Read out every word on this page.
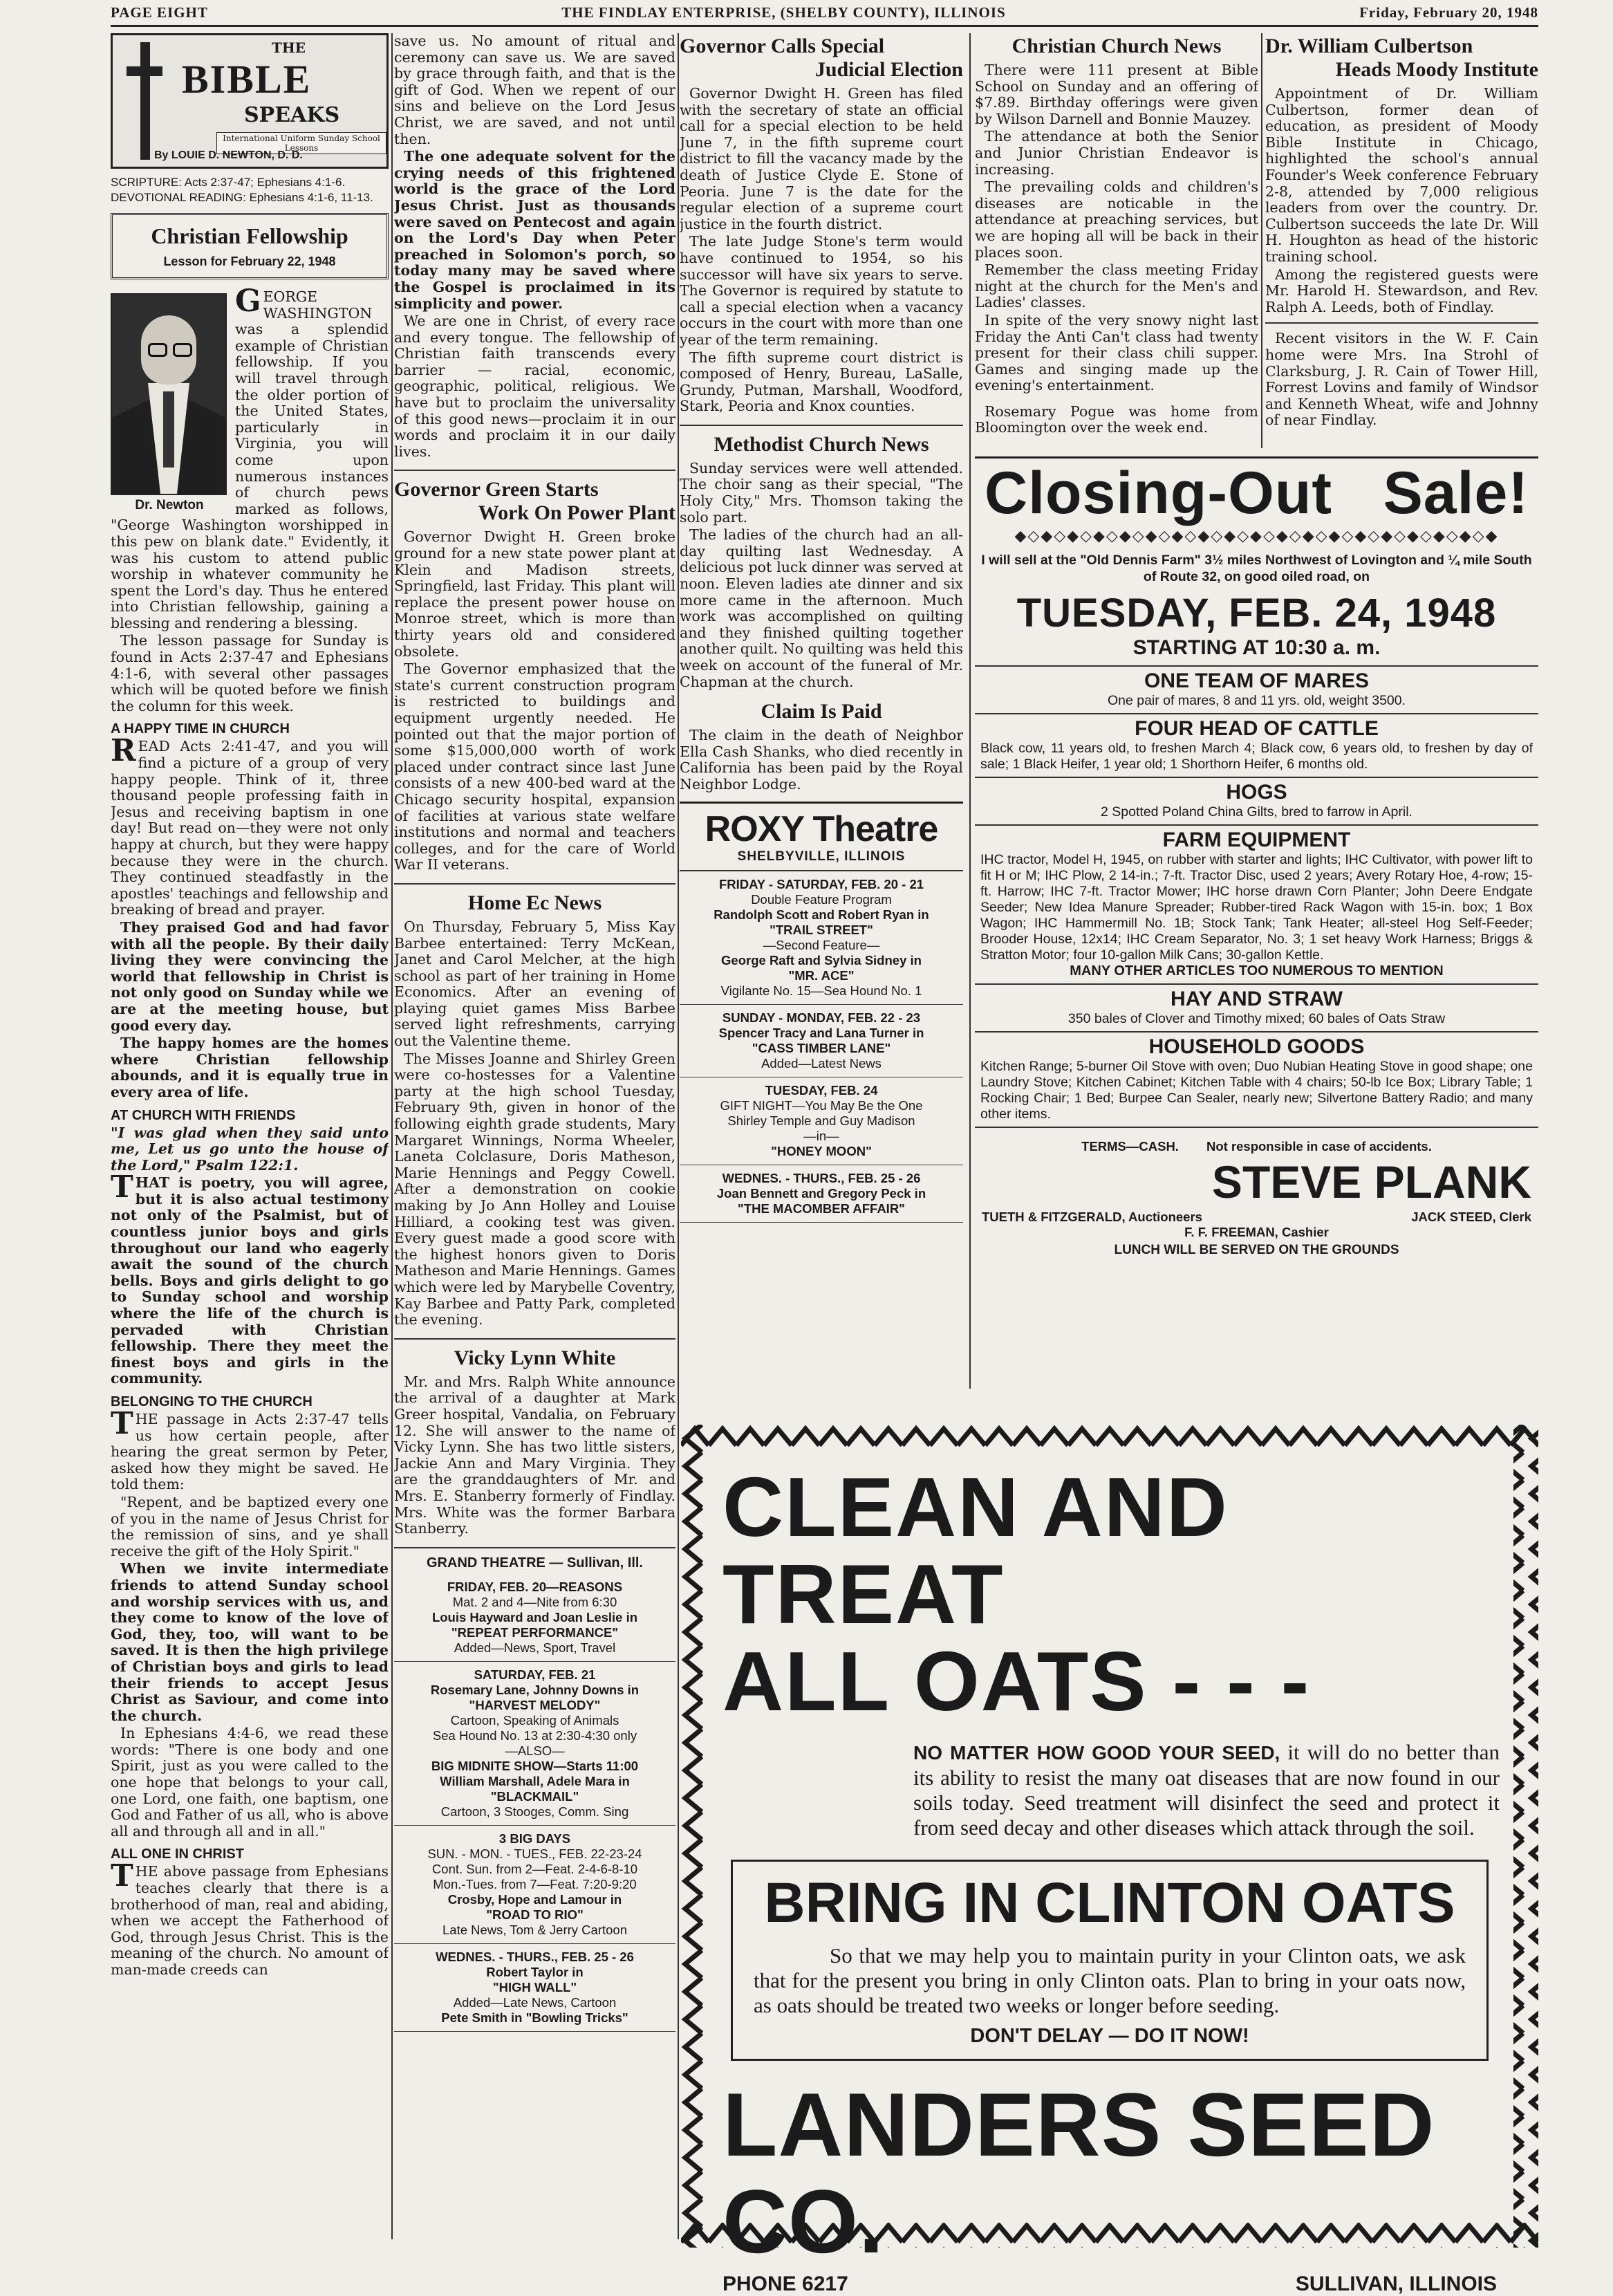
PAGE EIGHT	THE FINDLAY ENTERPRISE, (SHELBY COUNTY), ILLINOIS	Friday, February 20, 1948
THE
BIBLE
SPEAKS
International Uniform Sunday School Lessons
By LOUIE D. NEWTON, D. D.

SCRIPTURE: Acts 2:37-47; Ephesians 4:1-6.

DEVOTIONAL READING: Ephesians 4:1-6, 11-13.

Christian Fellowship
Lesson for February 22, 1948
Dr. Newton

GEORGE WASHINGTON was a splendid example of Christian fellowship. If you will travel through the older portion of the United States, particularly in Virginia, you will come upon numerous instances of church pews marked as follows, "George Washington worshipped in this pew on blank date." Evidently, it was his custom to attend public worship in whatever community he spent the Lord's day. Thus he entered into Christian fellowship, gaining a blessing and rendering a blessing.

The lesson passage for Sunday is found in Acts 2:37-47 and Ephesians 4:1-6, with several other passages which will be quoted before we finish the column for this week.

A HAPPY TIME IN CHURCH

READ Acts 2:41-47, and you will find a picture of a group of very happy people. Think of it, three thousand people professing faith in Jesus and receiving baptism in one day! But read on—they were not only happy at church, but they were happy because they were in the church. They continued steadfastly in the apostles' teachings and fellowship and breaking of bread and prayer.

They praised God and had favor with all the people. By their daily living they were convincing the world that fellowship in Christ is not only good on Sunday while we are at the meeting house, but good every day.

The happy homes are the homes where Christian fellowship abounds, and it is equally true in every area of life.

AT CHURCH WITH FRIENDS

"I was glad when they said unto me, Let us go unto the house of the Lord," Psalm 122:1.

THAT is poetry, you will agree, but it is also actual testimony not only of the Psalmist, but of countless junior boys and girls throughout our land who eagerly await the sound of the church bells. Boys and girls delight to go to Sunday school and worship where the life of the church is pervaded with Christian fellowship. There they meet the finest boys and girls in the community.

BELONGING TO THE CHURCH

THE passage in Acts 2:37-47 tells us how certain people, after hearing the great sermon by Peter, asked how they might be saved. He told them:

"Repent, and be baptized every one of you in the name of Jesus Christ for the remission of sins, and ye shall receive the gift of the Holy Spirit."

When we invite intermediate friends to attend Sunday school and worship services with us, and they come to know of the love of God, they, too, will want to be saved. It is then the high privilege of Christian boys and girls to lead their friends to accept Jesus Christ as Saviour, and come into the church.

In Ephesians 4:4-6, we read these words: "There is one body and one Spirit, just as you were called to the one hope that belongs to your call, one Lord, one faith, one baptism, one God and Father of us all, who is above all and through all and in all."

ALL ONE IN CHRIST

THE above passage from Ephesians teaches clearly that there is a brotherhood of man, real and abiding, when we accept the Fatherhood of God, through Jesus Christ. This is the meaning of the church. No amount of man-made creeds can

save us. No amount of ritual and ceremony can save us. We are saved by grace through faith, and that is the gift of God. When we repent of our sins and believe on the Lord Jesus Christ, we are saved, and not until then.

The one adequate solvent for the crying needs of this frightened world is the grace of the Lord Jesus Christ. Just as thousands were saved on Pentecost and again on the Lord's Day when Peter preached in Solomon's porch, so today many may be saved where the Gospel is proclaimed in its simplicity and power.

We are one in Christ, of every race and every tongue. The fellowship of Christian faith transcends every barrier — racial, economic, geographic, political, religious. We have but to proclaim the universality of this good news—proclaim it in our words and proclaim it in our daily lives.

Governor Green Starts
Work On Power Plant

Governor Dwight H. Green broke ground for a new state power plant at Klein and Madison streets, Springfield, last Friday. This plant will replace the present power house on Monroe street, which is more than thirty years old and considered obsolete.

The Governor emphasized that the state's current construction program is restricted to buildings and equipment urgently needed. He pointed out that the major portion of some $15,000,000 worth of work placed under contract since last June consists of a new 400-bed ward at the Chicago security hospital, expansion of facilities at various state welfare institutions and normal and teachers colleges, and for the care of World War II veterans.

Home Ec News

On Thursday, February 5, Miss Kay Barbee entertained: Terry McKean, Janet and Carol Melcher, at the high school as part of her training in Home Economics. After an evening of playing quiet games Miss Barbee served light refreshments, carrying out the Valentine theme.

The Misses Joanne and Shirley Green were co-hostesses for a Valentine party at the high school Tuesday, February 9th, given in honor of the following eighth grade students, Mary Margaret Winnings, Norma Wheeler, Laneta Colclasure, Doris Matheson, Marie Hennings and Peggy Cowell. After a demonstration on cookie making by Jo Ann Holley and Louise Hilliard, a cooking test was given. Every guest made a good score with the highest honors given to Doris Matheson and Marie Hennings. Games which were led by Marybelle Coventry, Kay Barbee and Patty Park, completed the evening.

Vicky Lynn White

Mr. and Mrs. Ralph White announce the arrival of a daughter at Mark Greer hospital, Vandalia, on February 12. She will answer to the name of Vicky Lynn. She has two little sisters, Jackie Ann and Mary Virginia. They are the granddaughters of Mr. and Mrs. E. Stanberry formerly of Findlay. Mrs. White was the former Barbara Stanberry.

GRAND THEATRE — Sullivan, Ill.
FRIDAY, FEB. 20—REASONS
Mat. 2 and 4—Nite from 6:30
Louis Hayward and Joan Leslie in
"REPEAT PERFORMANCE"
Added—News, Sport, Travel
SATURDAY, FEB. 21
Rosemary Lane, Johnny Downs in
"HARVEST MELODY"
Cartoon, Speaking of Animals
Sea Hound No. 13 at 2:30-4:30 only
—ALSO—
BIG MIDNITE SHOW—Starts 11:00
William Marshall, Adele Mara in
"BLACKMAIL"
Cartoon, 3 Stooges, Comm. Sing
3 BIG DAYS
SUN. - MON. - TUES., FEB. 22-23-24
Cont. Sun. from 2—Feat. 2-4-6-8-10
Mon.-Tues. from 7—Feat. 7:20-9:20
Crosby, Hope and Lamour in
"ROAD TO RIO"
Late News, Tom & Jerry Cartoon
WEDNES. - THURS., FEB. 25 - 26
Robert Taylor in
"HIGH WALL"
Added—Late News, Cartoon
Pete Smith in "Bowling Tricks"
Governor Calls Special
Judicial Election

Governor Dwight H. Green has filed with the secretary of state an official call for a special election to be held June 7, in the fifth supreme court district to fill the vacancy made by the death of Justice Clyde E. Stone of Peoria. June 7 is the date for the regular election of a supreme court justice in the fourth district.

The late Judge Stone's term would have continued to 1954, so his successor will have six years to serve. The Governor is required by statute to call a special election when a vacancy occurs in the court with more than one year of the term remaining.

The fifth supreme court district is composed of Henry, Bureau, LaSalle, Grundy, Putman, Marshall, Woodford, Stark, Peoria and Knox counties.

Methodist Church News

Sunday services were well attended. The choir sang as their special, "The Holy City," Mrs. Thomson taking the solo part.

The ladies of the church had an all-day quilting last Wednesday. A delicious pot luck dinner was served at noon. Eleven ladies ate dinner and six more came in the afternoon. Much work was accomplished on quilting and they finished quilting together another quilt. No quilting was held this week on account of the funeral of Mr. Chapman at the church.

Claim Is Paid

The claim in the death of Neighbor Ella Cash Shanks, who died recently in California has been paid by the Royal Neighbor Lodge.

ROXY Theatre
SHELBYVILLE, ILLINOIS
FRIDAY - SATURDAY, FEB. 20 - 21
Double Feature Program
Randolph Scott and Robert Ryan in
"TRAIL STREET"
—Second Feature—
George Raft and Sylvia Sidney in
"MR. ACE"
Vigilante No. 15—Sea Hound No. 1
SUNDAY - MONDAY, FEB. 22 - 23
Spencer Tracy and Lana Turner in
"CASS TIMBER LANE"
Added—Latest News
TUESDAY, FEB. 24
GIFT NIGHT—You May Be the One
Shirley Temple and Guy Madison
—in—
"HONEY MOON"
WEDNES. - THURS., FEB. 25 - 26
Joan Bennett and Gregory Peck in
"THE MACOMBER AFFAIR"
Christian Church News

There were 111 present at Bible School on Sunday and an offering of $7.89. Birthday offerings were given by Wilson Darnell and Bonnie Mauzey.

The attendance at both the Senior and Junior Christian Endeavor is increasing.

The prevailing colds and children's diseases are noticable in the attendance at preaching services, but we are hoping all will be back in their places soon.

Remember the class meeting Friday night at the church for the Men's and Ladies' classes.

In spite of the very snowy night last Friday the Anti Can't class had twenty present for their class chili supper. Games and singing made up the evening's entertainment.

Rosemary Pogue was home from Bloomington over the week end.

Dr. William Culbertson
Heads Moody Institute

Appointment of Dr. William Culbertson, former dean of education, as president of Moody Bible Institute in Chicago, highlighted the school's annual Founder's Week conference February 2-8, attended by 7,000 religious leaders from over the country. Dr. Culbertson succeeds the late Dr. Will H. Houghton as head of the historic training school.

Among the registered guests were Mr. Harold H. Stewardson, and Rev. Ralph A. Leeds, both of Findlay.

Recent visitors in the W. F. Cain home were Mrs. Ina Strohl of Clarksburg, J. R. Cain of Tower Hill, Forrest Lovins and family of Windsor and Kenneth Wheat, wife and Johnny of near Findlay.

Closing-Out Sale!
◆◇◆◇◆◇◆◇◆◇◆◇◆◇◆◇◆◇◆◇◆◇◆◇◆◇◆◇◆◇◆◇◆◇◆◇◆
I will sell at the "Old Dennis Farm" 3½ miles Northwest of Lovington and ¼ mile South of Route 32, on good oiled road, on
TUESDAY, FEB. 24, 1948
STARTING AT 10:30 a. m.
ONE TEAM OF MARES
One pair of mares, 8 and 11 yrs. old, weight 3500.
FOUR HEAD OF CATTLE
Black cow, 11 years old, to freshen March 4; Black cow, 6 years old, to freshen by day of sale; 1 Black Heifer, 1 year old; 1 Shorthorn Heifer, 6 months old.
HOGS
2 Spotted Poland China Gilts, bred to farrow in April.
FARM EQUIPMENT
IHC tractor, Model H, 1945, on rubber with starter and lights; IHC Cultivator, with power lift to fit H or M; IHC Plow, 2 14-in.; 7-ft. Tractor Disc, used 2 years; Avery Rotary Hoe, 4-row; 15-ft. Harrow; IHC 7-ft. Tractor Mower; IHC horse drawn Corn Planter; John Deere Endgate Seeder; New Idea Manure Spreader; Rubber-tired Rack Wagon with 15-in. box; 1 Box Wagon; IHC Hammermill No. 1B; Stock Tank; Tank Heater; all-steel Hog Self-Feeder; Brooder House, 12x14; IHC Cream Separator, No. 3; 1 set heavy Work Harness; Briggs & Stratton Motor; four 10-gallon Milk Cans; 30-gallon Kettle.
MANY OTHER ARTICLES TOO NUMEROUS TO MENTION
HAY AND STRAW
350 bales of Clover and Timothy mixed; 60 bales of Oats Straw
HOUSEHOLD GOODS
Kitchen Range; 5-burner Oil Stove with oven; Duo Nubian Heating Stove in good shape; one Laundry Stove; Kitchen Cabinet; Kitchen Table with 4 chairs; 50-lb Ice Box; Library Table; 1 Rocking Chair; 1 Bed; Burpee Can Sealer, nearly new; Silvertone Battery Radio; and many other items.
TERMS—CASH. Not responsible in case of accidents.
STEVE PLANK
TUETH & FITZGERALD, Auctioneers	JACK STEED, Clerk
F. F. FREEMAN, Cashier
LUNCH WILL BE SERVED ON THE GROUNDS
CLEAN AND TREAT
ALL OATS - - -
NO MATTER HOW GOOD YOUR SEED, it will do no better than its ability to resist the many oat diseases that are now found in our soils today. Seed treatment will disinfect the seed and protect it from seed decay and other diseases which attack through the soil.
BRING IN CLINTON OATS
So that we may help you to maintain purity in your Clinton oats, we ask that for the present you bring in only Clinton oats. Plan to bring in your oats now, as oats should be treated two weeks or longer before seeding.
DON'T DELAY — DO IT NOW!
LANDERS SEED CO.
PHONE 6217	SULLIVAN, ILLINOIS
